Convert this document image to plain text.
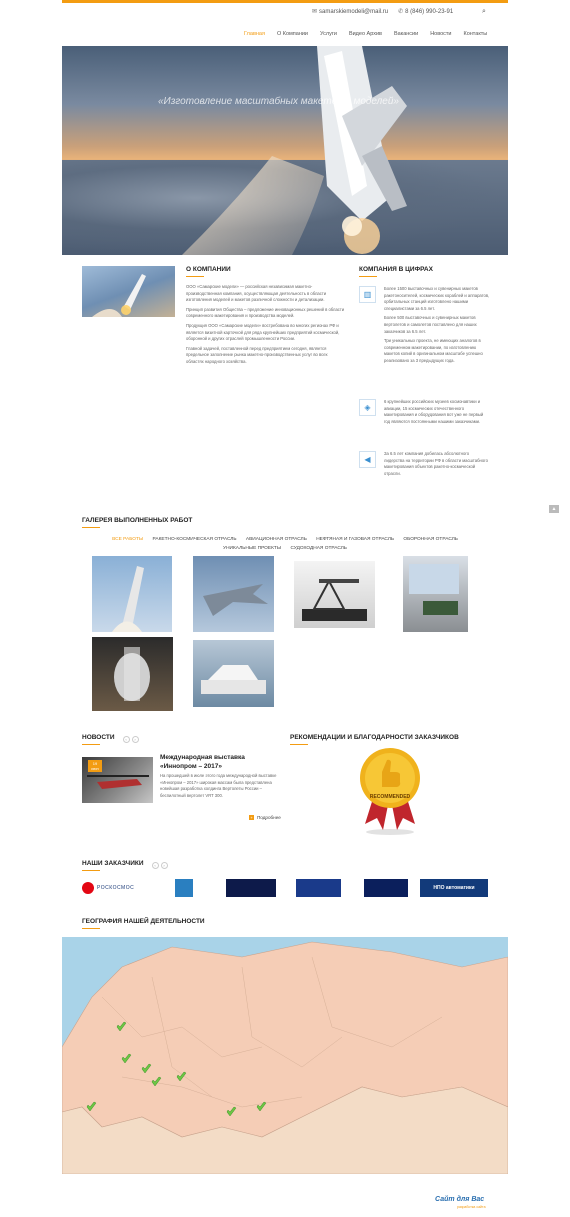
✉ samarskiemodeli@mail.ru ✆ 8 (846) 990-23-91	⌕
Главная О Компании Услуги Видео Архив Вакансии Новости Контакты
«Изготовление масштабных макетов и моделей»
О КОМПАНИИ

ООО «Самарские модели» — российская независимая макетно-производственная компания, осуществляющая деятельность в области изготовления моделей и макетов различной сложности и детализации.

Принцип развития Общества – предложение инновационных решений в области современного макетирования и производства моделей.

Продукция ООО «Самарские модели» востребована во многих регионах РФ и является визитной карточкой для ряда крупнейших предприятий космической, оборонной и других отраслей промышленности России.

Главной задачей, поставленной перед предприятием сегодня, является предельное заполнение рынка макетно-производственных услуг во всех областях народного хозяйства.

КОМПАНИЯ В ЦИФРАХ
▥

Более 1500 выставочных и сувенирных макетов ракетоносителей, космических кораблей и аппаратов, орбитальных станций изготовлено нашими специалистами за 6.5 лет.

Более 500 выставочных и сувенирных макетов вертолетов и самолетов поставлено для наших заказчиков за 6.5 лет.

Три уникальных проекта, не имеющих аналогов в современном макетировании, по изготовлению макетов копий в оригинальном масштабе успешно реализовано за 3 предыдущих года.

◈

6 крупнейших российских музеев космонавтики и авиации, 15 космических отечественного макетирования и оборудования вот уже не первый год являются постоянными нашими заказчиками.

◀

За 6.5 лет компания добилась абсолютного лидерства на территории РФ в области масштабного макетирования объектов ракетно-космической отрасли.

▲
ГАЛЕРЕЯ ВЫПОЛНЕННЫХ РАБОТ
ВСЕ РАБОТЫ РАКЕТНО-КОСМИЧЕСКАЯ ОТРАСЛЬ АВИАЦИОННАЯ ОТРАСЛЬ НЕФТЯНАЯ И ГАЗОВАЯ ОТРАСЛЬ ОБОРОННАЯ ОТРАСЛЬ
УНИКАЛЬНЫЕ ПРОЕКТЫ СУДОХОДНАЯ ОТРАСЛЬ
НОВОСТИ	‹	›
19
июн
Международная выставка «Иннопром – 2017»
На прошедшей в июле этого года международной выставке «Иннопром – 2017» широкая массам была представлена новейшая разработка холдинга Вертолеты России – беспилотный вертолет VRT 300.
+ Подробнее
РЕКОМЕНДАЦИИ И БЛАГОДАРНОСТИ ЗАКАЗЧИКОВ
RECOMMENDED
НАШИ ЗАКАЗЧИКИ	‹	›
РОСКОСМОС	НПО автоматики
ГЕОГРАФИЯ НАШЕЙ ДЕЯТЕЛЬНОСТИ
Сайт для Вас
разработка сайта
